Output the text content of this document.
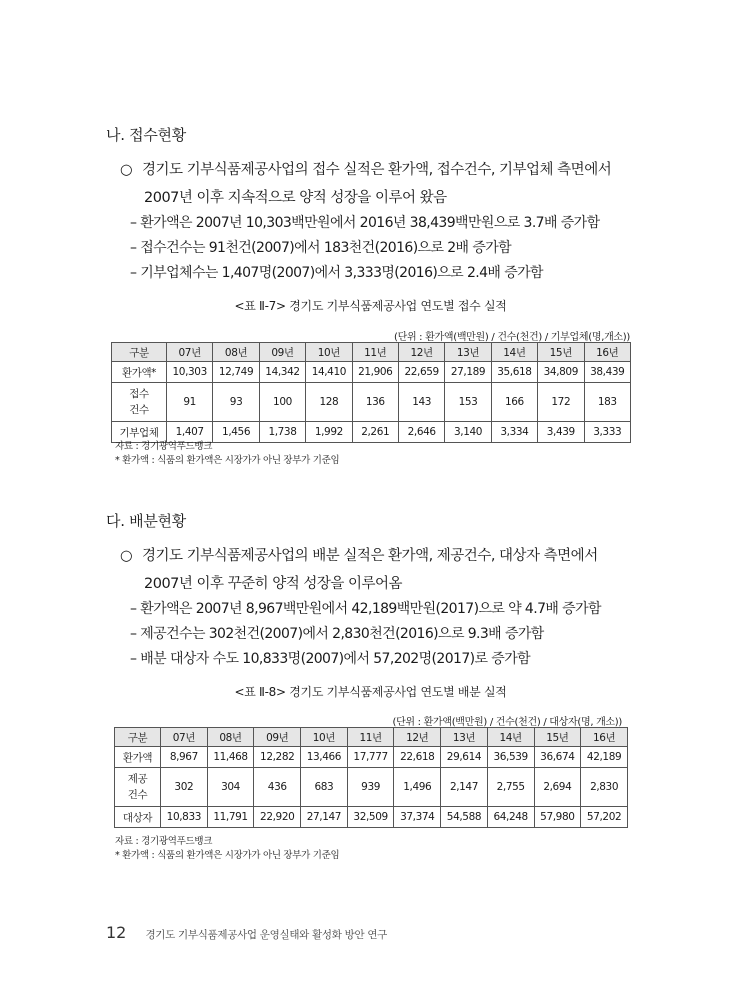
나. 접수현황
○ 경기도 기부식품제공사업의 접수 실적은 환가액, 접수건수, 기부업체 측면에서
2007년 이후 지속적으로 양적 성장을 이루어 왔음
– 환가액은 2007년 10,303백만원에서 2016년 38,439백만원으로 3.7배 증가함
– 접수건수는 91천건(2007)에서 183천건(2016)으로 2배 증가함
– 기부업체수는 1,407명(2007)에서 3,333명(2016)으로 2.4배 증가함
<표 Ⅱ-7> 경기도 기부식품제공사업 연도별 접수 실적
(단위 : 환가액(백만원) / 건수(천건) / 기부업체(명,개소))
구분	07년	08년	09년	10년	11년	12년	13년	14년	15년	16년
환가액*	10,303	12,749	14,342	14,410	21,906	22,659	27,189	35,618	34,809	38,439
접수
건수	91	93	100	128	136	143	153	166	172	183
기부업체	1,407	1,456	1,738	1,992	2,261	2,646	3,140	3,334	3,439	3,333
자료 : 경기광역푸드뱅크
* 환가액 : 식품의 환가액은 시장가가 아닌 장부가 기준임
다. 배분현황
○ 경기도 기부식품제공사업의 배분 실적은 환가액, 제공건수, 대상자 측면에서
2007년 이후 꾸준히 양적 성장을 이루어옴
– 환가액은 2007년 8,967백만원에서 42,189백만원(2017)으로 약 4.7배 증가함
– 제공건수는 302천건(2007)에서 2,830천건(2016)으로 9.3배 증가함
– 배분 대상자 수도 10,833명(2007)에서 57,202명(2017)로 증가함
<표 Ⅱ-8> 경기도 기부식품제공사업 연도별 배분 실적
(단위 : 환가액(백만원) / 건수(천건) / 대상자(명, 개소))
구분	07년	08년	09년	10년	11년	12년	13년	14년	15년	16년
환가액	8,967	11,468	12,282	13,466	17,777	22,618	29,614	36,539	36,674	42,189
제공
건수	302	304	436	683	939	1,496	2,147	2,755	2,694	2,830
대상자	10,833	11,791	22,920	27,147	32,509	37,374	54,588	64,248	57,980	57,202
자료 : 경기광역푸드뱅크
* 환가액 : 식품의 환가액은 시장가가 아닌 장부가 기준임
12 경기도 기부식품제공사업 운영실태와 활성화 방안 연구
